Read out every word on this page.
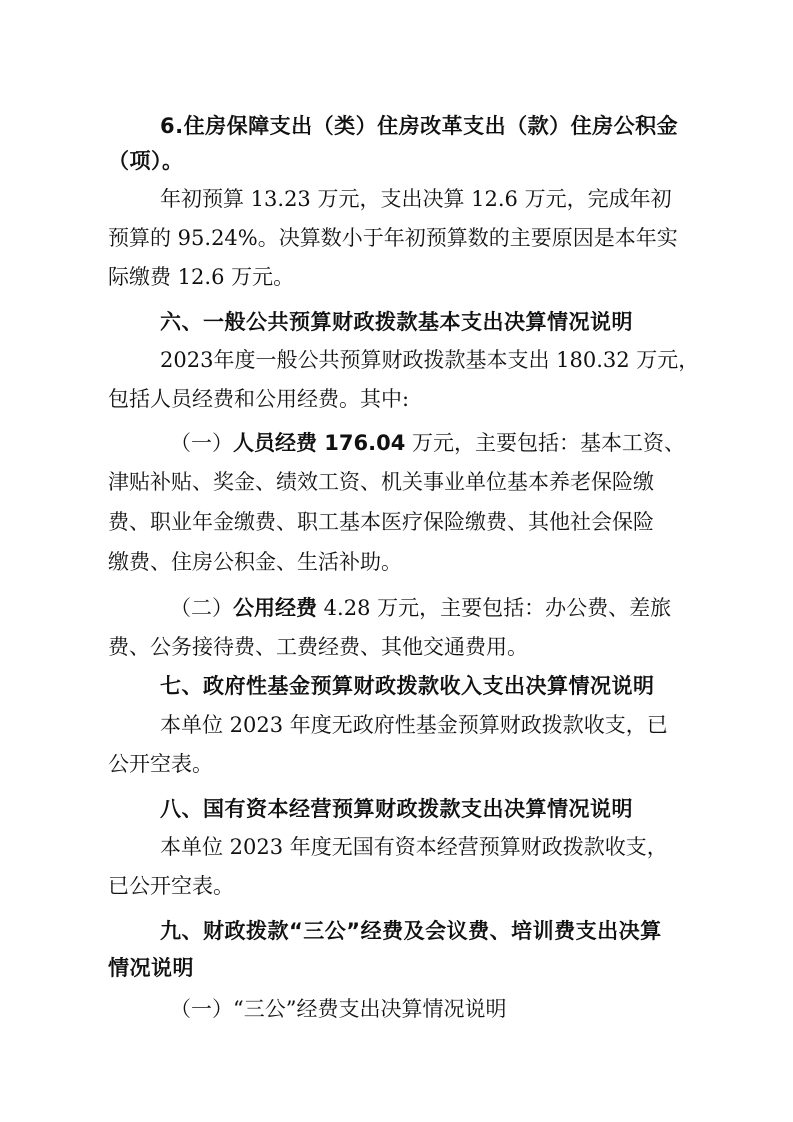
6.住房保障支出（类）住房改革支出（款）住房公积金
（项）。
年初预算 13.23 万元，支出决算 12.6 万元，完成年初
预算的 95.24%。决算数小于年初预算数的主要原因是本年实
际缴费 12.6 万元。
六、一般公共预算财政拨款基本支出决算情况说明
2023年度一般公共预算财政拨款基本支出 180.32 万元，
包括人员经费和公用经费。其中:
（一）人员经费 176.04 万元，主要包括：基本工资、
津贴补贴、奖金、绩效工资、机关事业单位基本养老保险缴
费、职业年金缴费、职工基本医疗保险缴费、其他社会保险
缴费、住房公积金、生活补助。
（二）公用经费 4.28 万元，主要包括：办公费、差旅
费、公务接待费、工费经费、其他交通费用。
七、政府性基金预算财政拨款收入支出决算情况说明
本单位 2023 年度无政府性基金预算财政拨款收支，已
公开空表。
八、国有资本经营预算财政拨款支出决算情况说明
本单位 2023 年度无国有资本经营预算财政拨款收支，
已公开空表。
九、财政拨款“三公”经费及会议费、培训费支出决算
情况说明
（一）“三公”经费支出决算情况说明
